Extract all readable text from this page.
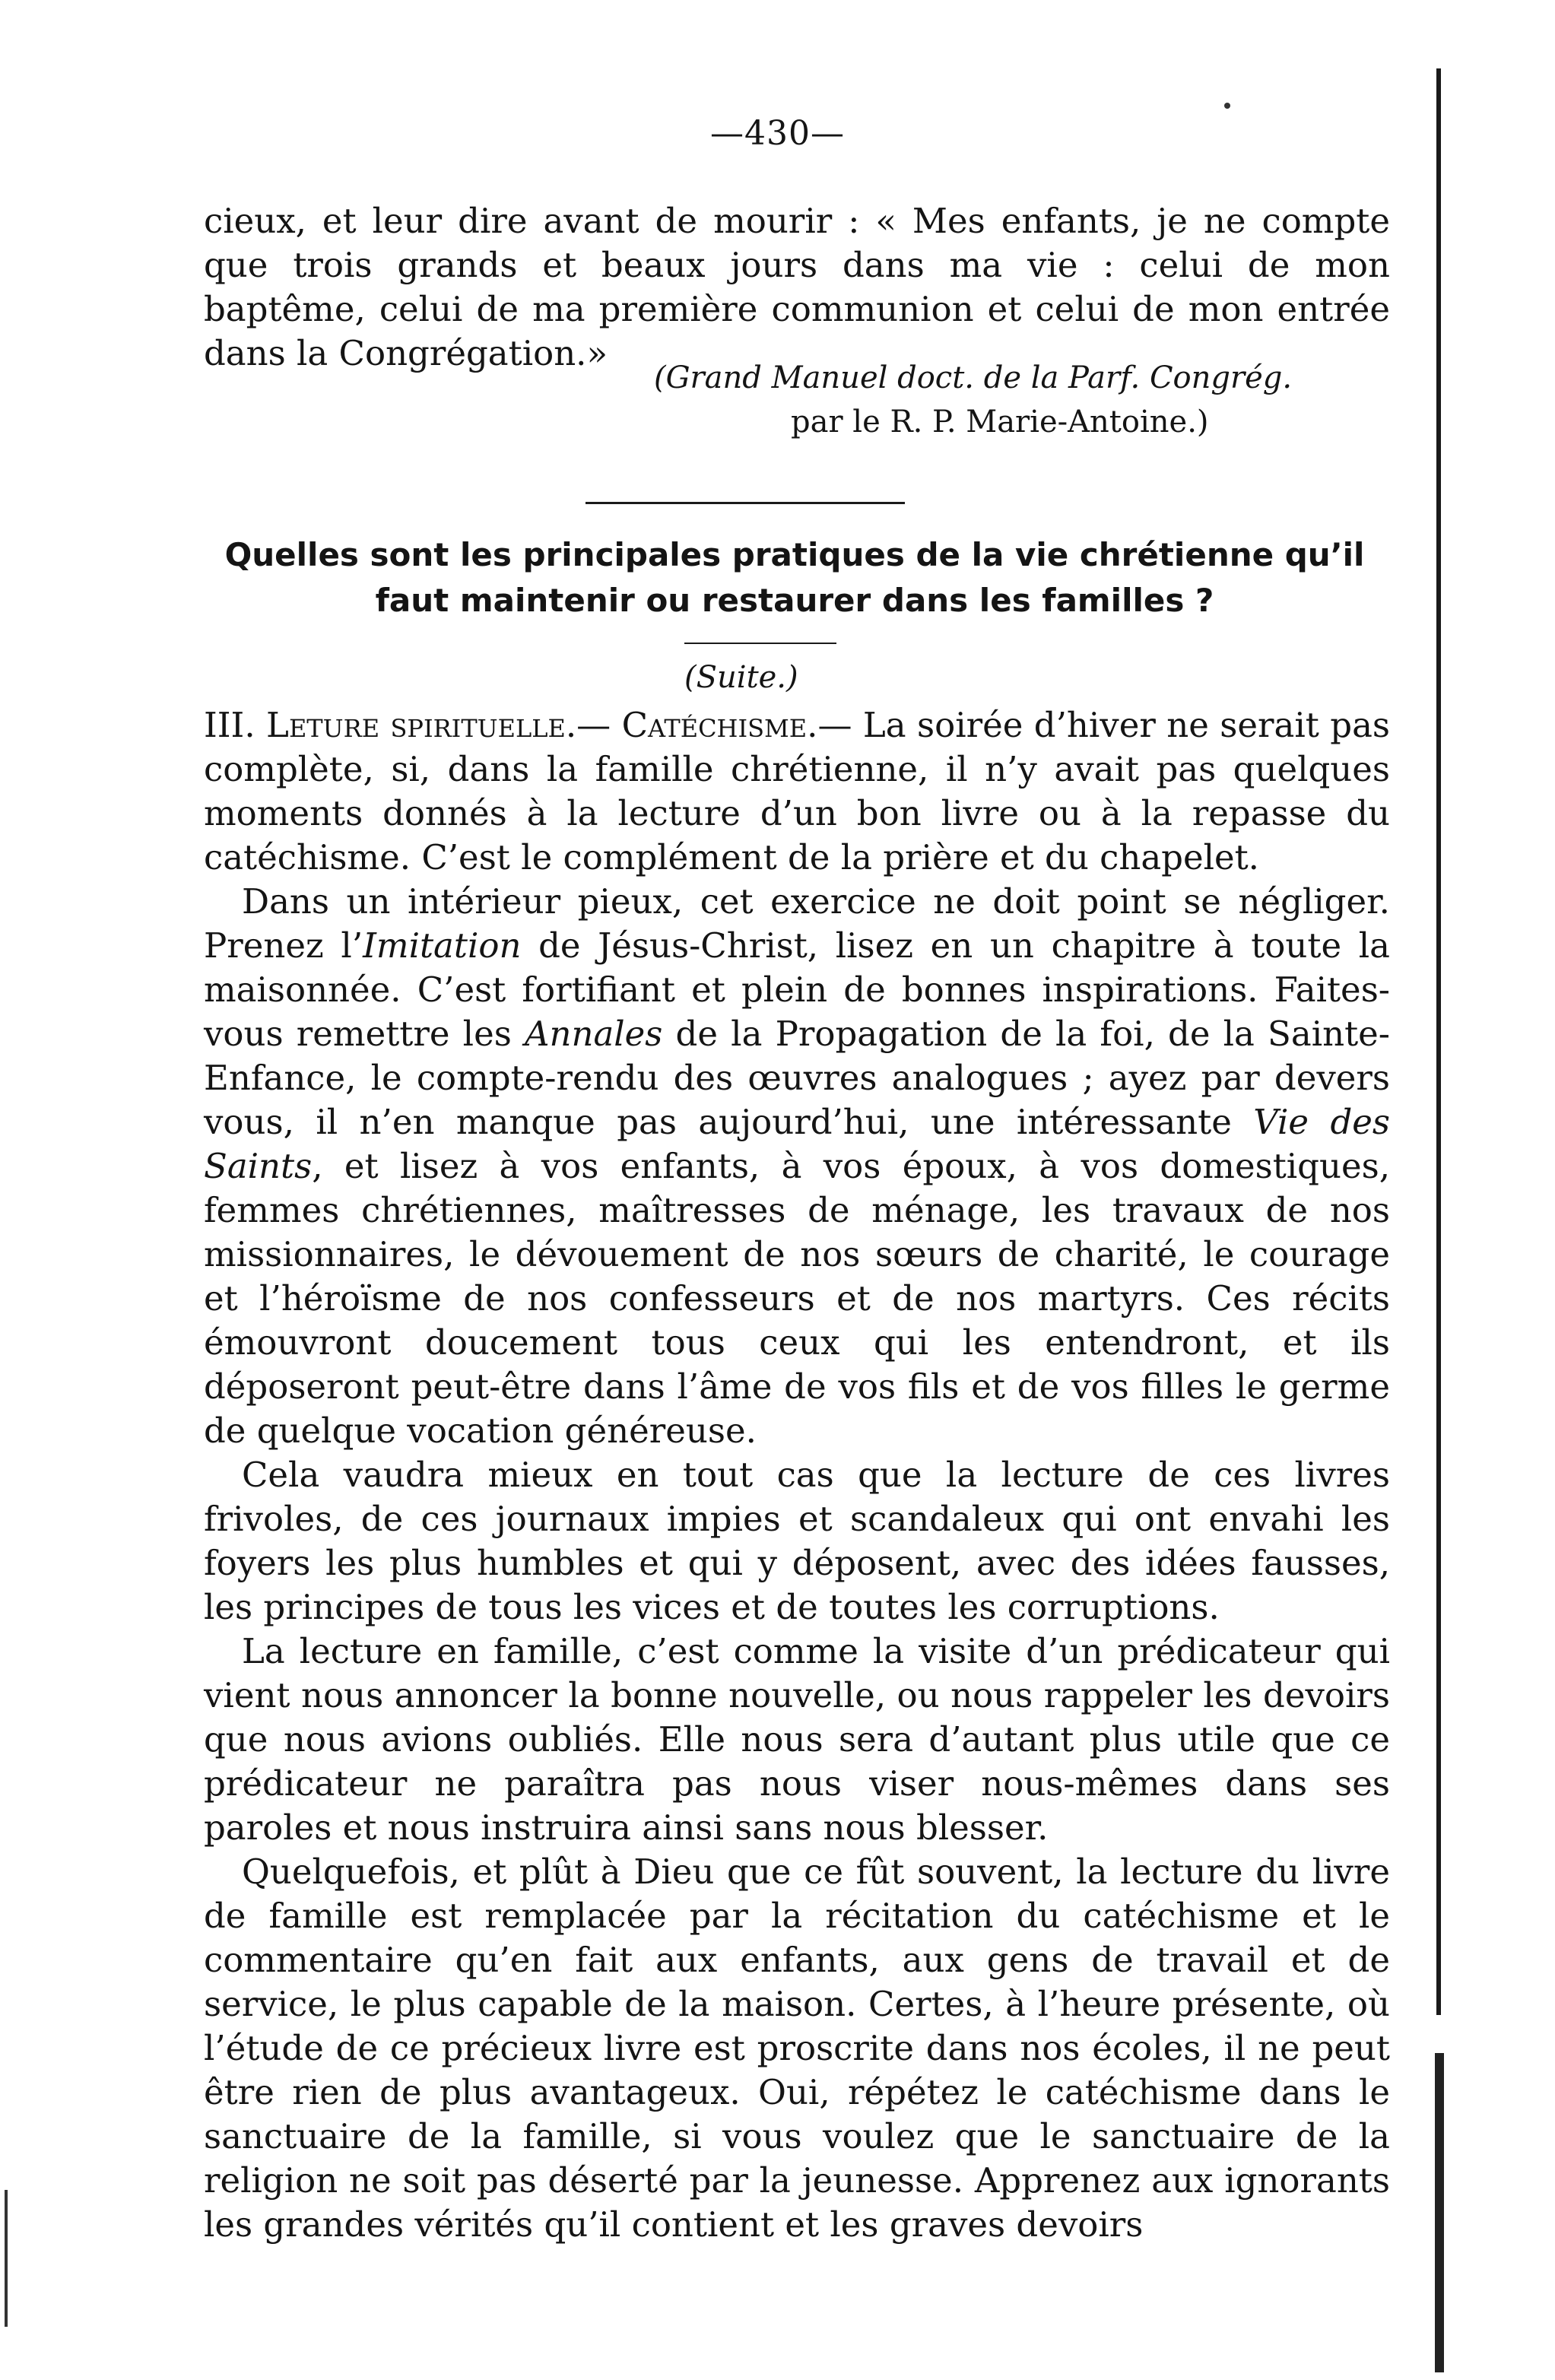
—430—

cieux, et leur dire avant de mourir : « Mes enfants, je ne compte que trois grands et beaux jours dans ma vie : celui de mon baptême, celui de ma première communion et celui de mon entrée dans la Congrégation.»

(Grand Manuel doct. de la Parf. Congrég.
par le R. P. Marie-Antoine.)
Quelles sont les principales pratiques de la vie chrétienne qu’il
faut maintenir ou restaurer dans les familles ?
(Suite.)

III. Leture spirituelle.— Catéchisme.— La soirée d’hiver ne serait pas complète, si, dans la famille chrétienne, il n’y avait pas quelques moments donnés à la lecture d’un bon livre ou à la repasse du catéchisme. C’est le complément de la prière et du chapelet.

Dans un intérieur pieux, cet exercice ne doit point se négliger. Prenez l’Imitation de Jésus-Christ, lisez en un chapitre à toute la maisonnée. C’est fortifiant et plein de bonnes inspirations. Faites-vous remettre les Annales de la Propagation de la foi, de la Sainte-Enfance, le compte-rendu des œuvres analogues ; ayez par devers vous, il n’en manque pas aujourd’hui, une intéressante Vie des Saints, et lisez à vos enfants, à vos époux, à vos domestiques, femmes chrétiennes, maîtresses de ménage, les travaux de nos missionnaires, le dévouement de nos sœurs de charité, le courage et l’héroïsme de nos confesseurs et de nos martyrs. Ces récits émouvront doucement tous ceux qui les entendront, et ils déposeront peut-être dans l’âme de vos fils et de vos filles le germe de quelque vocation généreuse.

Cela vaudra mieux en tout cas que la lecture de ces livres frivoles, de ces journaux impies et scandaleux qui ont envahi les foyers les plus humbles et qui y déposent, avec des idées fausses, les principes de tous les vices et de toutes les corruptions.

La lecture en famille, c’est comme la visite d’un prédicateur qui vient nous annoncer la bonne nouvelle, ou nous rappeler les devoirs que nous avions oubliés. Elle nous sera d’autant plus utile que ce prédicateur ne paraîtra pas nous viser nous-mêmes dans ses paroles et nous instruira ainsi sans nous blesser.

Quelquefois, et plût à Dieu que ce fût souvent, la lecture du livre de famille est remplacée par la récitation du catéchisme et le commentaire qu’en fait aux enfants, aux gens de travail et de service, le plus capable de la maison. Certes, à l’heure présente, où l’étude de ce précieux livre est proscrite dans nos écoles, il ne peut être rien de plus avantageux. Oui, répétez le catéchisme dans le sanctuaire de la famille, si vous voulez que le sanctuaire de la religion ne soit pas déserté par la jeunesse. Apprenez aux ignorants les grandes vérités qu’il contient et les graves devoirs
